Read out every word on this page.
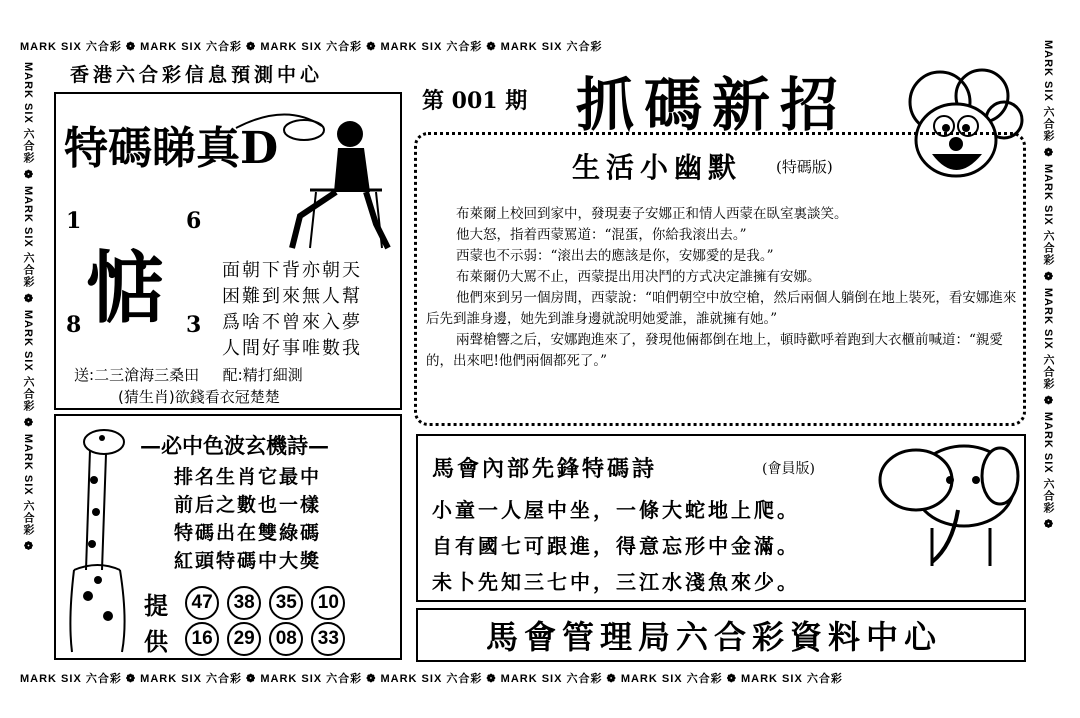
MARK SIX 六合彩 ❁ MARK SIX 六合彩 ❁ MARK SIX 六合彩 ❁ MARK SIX 六合彩 ❁ MARK SIX 六合彩
MARK SIX 六合彩 ❁ MARK SIX 六合彩 ❁ MARK SIX 六合彩 ❁ MARK SIX 六合彩 ❁ MARK SIX 六合彩 ❁ MARK SIX 六合彩 ❁ MARK SIX 六合彩
MARK SIX 六合彩 ❁ MARK SIX 六合彩 ❁ MARK SIX 六合彩 ❁ MARK SIX 六合彩 ❁	MARK SIX 六合彩 ❁ MARK SIX 六合彩 ❁ MARK SIX 六合彩 ❁ MARK SIX 六合彩 ❁
香港六合彩信息預測中心
第 001 期 抓碼新招
特碼睇真D
1	6
8	3
惦	面朝下背亦朝天
困難到來無人幫
爲啥不曾來入夢
人間好事唯數我
送:二三滄海三桑田 配:精打細測
(猜生肖)欲錢看衣冠楚楚
生活小幽默 (特碼版)
布萊爾上校回到家中，發現妻子安娜正和情人西蒙在臥室裏談笑。
他大怒，指着西蒙罵道：“混蛋，你給我滚出去。”
西蒙也不示弱：“滚出去的應該是你，安娜愛的是我。”
布萊爾仍大罵不止，西蒙提出用决鬥的方式决定誰擁有安娜。
他們來到另一個房間，西蒙說：“咱們朝空中放空槍，然后兩個人躺倒在地上裝死，看安娜進來后先到誰身邊，她先到誰身邊就說明她愛誰，誰就擁有她。”
兩聲槍響之后，安娜跑進來了，發現他倆都倒在地上，頓時歡呼着跑到大衣櫃前喊道：“親愛的，出來吧!他們兩個都死了。”
—必中色波玄機詩—
排名生肖它最中
前后之數也一樣
特碼出在雙綠碼
紅頭特碼中大獎
提 47 38 35 10
供 16 29 08 33
馬會內部先鋒特碼詩	(會員版)
小童一人屋中坐，一條大蛇地上爬。
自有國七可跟進，得意忘形中金滿。
未卜先知三七中，三江水淺魚來少。
馬會管理局六合彩資料中心
